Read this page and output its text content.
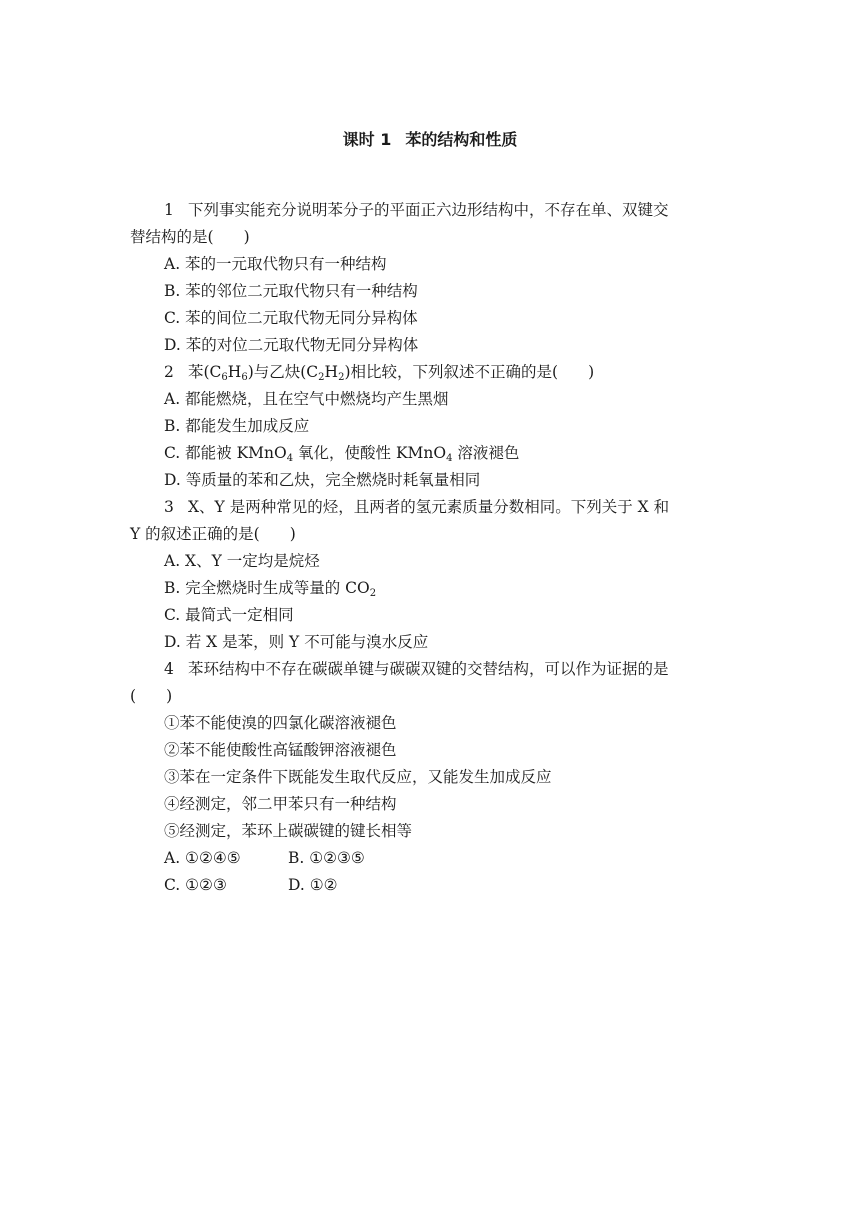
课时 1 苯的结构和性质
1 下列事实能充分说明苯分子的平面正六边形结构中，不存在单、双键交
替结构的是( )
A. 苯的一元取代物只有一种结构
B. 苯的邻位二元取代物只有一种结构
C. 苯的间位二元取代物无同分异构体
D. 苯的对位二元取代物无同分异构体
2 苯$(C_6H_6)$与乙炔$(C_2H_2)$相比较，下列叙述不正确的是( )
A. 都能燃烧，且在空气中燃烧均产生黑烟
B. 都能发生加成反应
C. 都能被 KMnO$_4$ 氧化，使酸性 KMnO$_4$ 溶液褪色
D. 等质量的苯和乙炔，完全燃烧时耗氧量相同
3 X、Y 是两种常见的烃，且两者的氢元素质量分数相同。下列关于 X 和
Y 的叙述正确的是( )
A. X、Y 一定均是烷烃
B. 完全燃烧时生成等量的 $CO_2$
C. 最简式一定相同
D. 若 X 是苯，则 Y 不可能与溴水反应
4 苯环结构中不存在碳碳单键与碳碳双键的交替结构，可以作为证据的是
( )
①苯不能使溴的四氯化碳溶液褪色
②苯不能使酸性高锰酸钾溶液褪色
③苯在一定条件下既能发生取代反应，又能发生加成反应
④经测定，邻二甲苯只有一种结构
⑤经测定，苯环上碳碳键的键长相等
A. ①②④⑤	B. ①②③⑤
C. ①②③	D. ①②
